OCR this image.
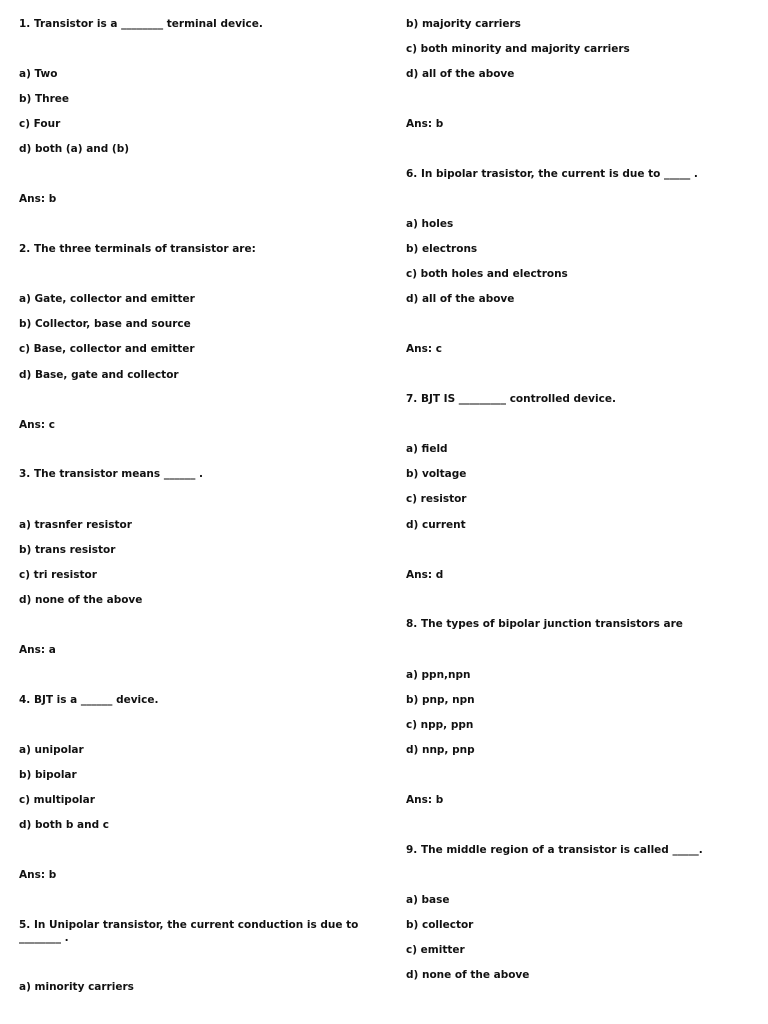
1. Transistor is a ________ terminal device.
a) Two
b) Three
c) Four
d) both (a) and (b)
Ans: b
2. The three terminals of transistor are:
a) Gate, collector and emitter
b) Collector, base and source
c) Base, collector and emitter
d) Base, gate and collector
Ans: c
3. The transistor means ______ .
a) trasnfer resistor
b) trans resistor
c) tri resistor
d) none of the above
Ans: a
4. BJT is a ______ device.
a) unipolar
b) bipolar
c) multipolar
d) both b and c
Ans: b
5. In Unipolar transistor, the current conduction is due to ________ .
a) minority carriers
b) majority carriers
c) both minority and majority carriers
d) all of the above
Ans: b
6. In bipolar trasistor, the current is due to _____ .
a) holes
b) electrons
c) both holes and electrons
d) all of the above
Ans: c
7. BJT IS _________ controlled device.
a) field
b) voltage
c) resistor
d) current
Ans: d
8. The types of bipolar junction transistors are
a) ppn,npn
b) pnp, npn
c) npp, ppn
d) nnp, pnp
Ans: b
9. The middle region of a transistor is called _____.
a) base
b) collector
c) emitter
d) none of the above
